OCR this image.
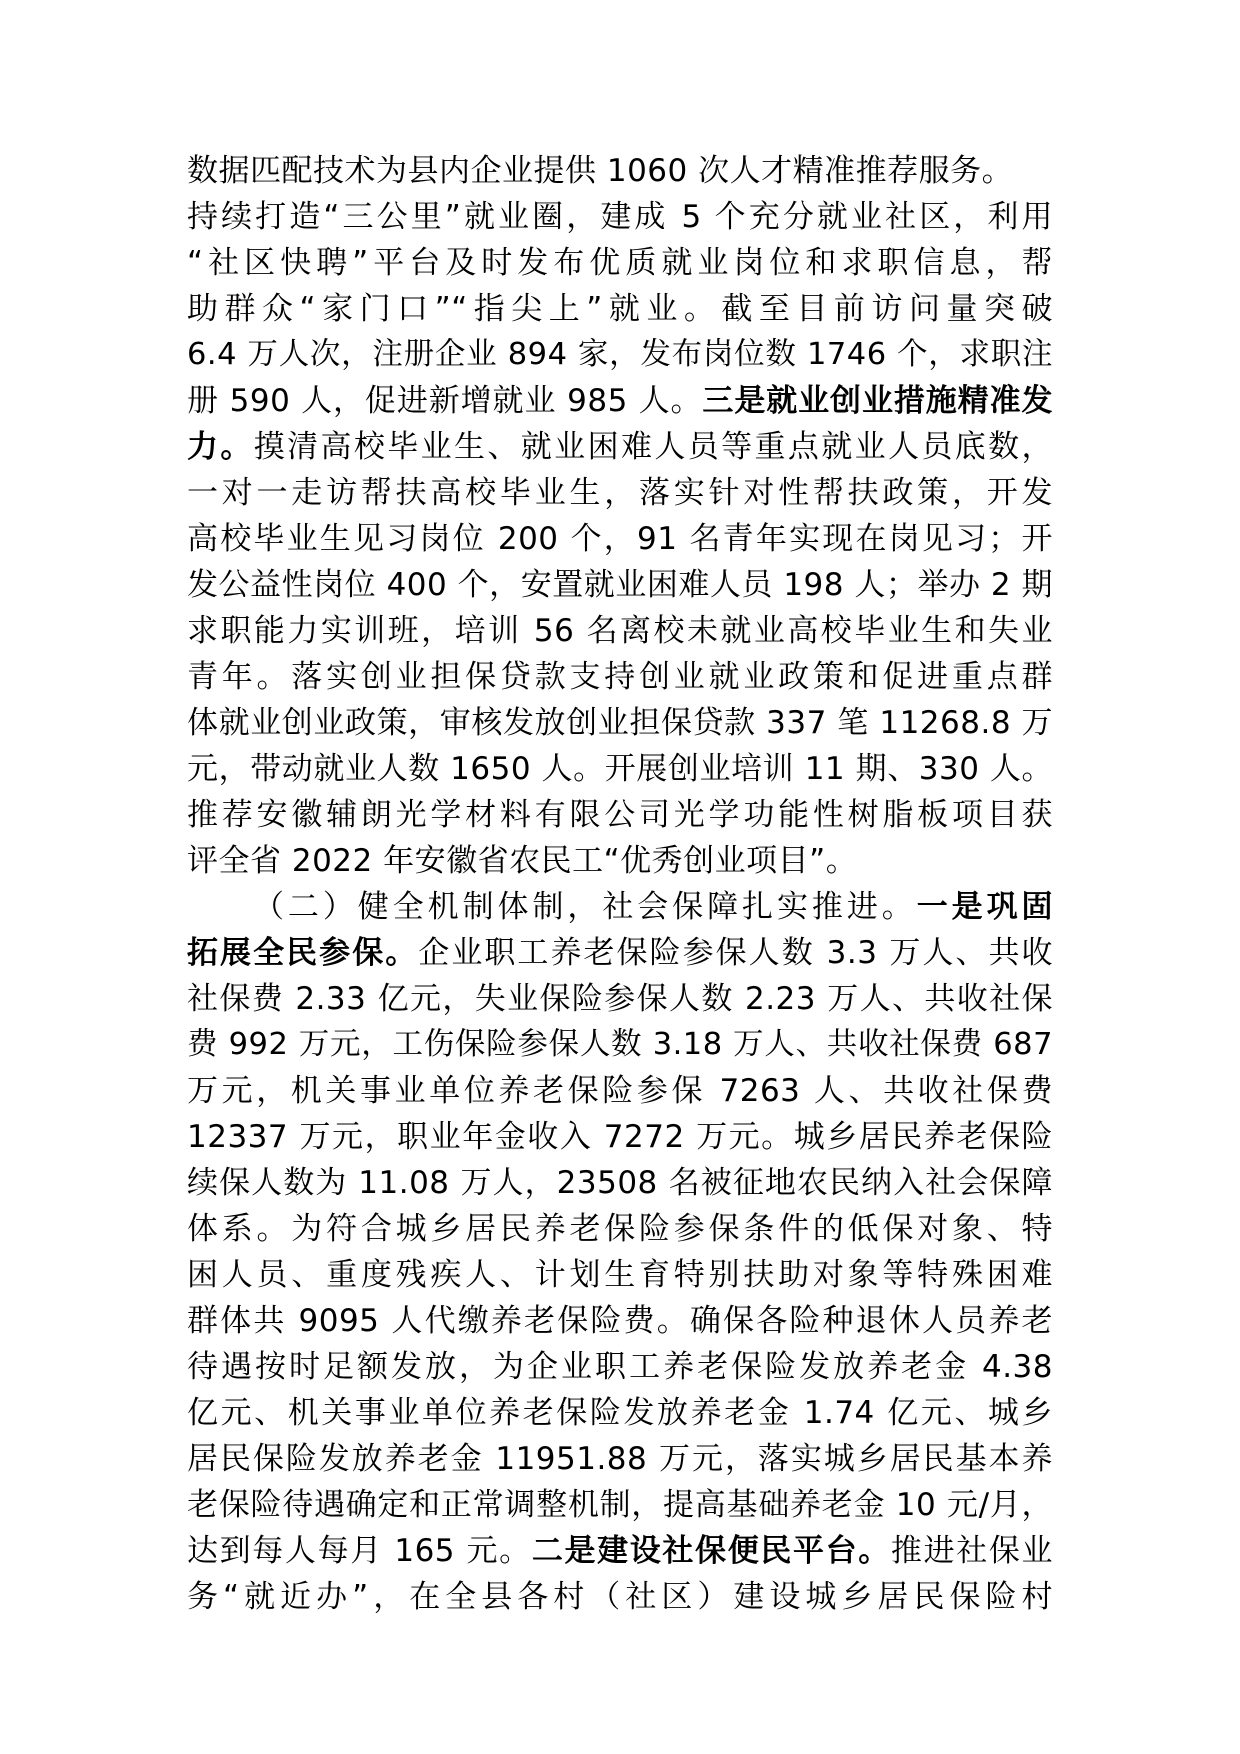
数据匹配技术为县内企业提供 1060 次人才精准推荐服务。
持续打造“三公里”就业圈，建成 5 个充分就业社区，利用
“社区快聘”平台及时发布优质就业岗位和求职信息，帮
助群众“家门口”“指尖上”就业。截至目前访问量突破
6.4 万人次，注册企业 894 家，发布岗位数 1746 个，求职注
册 590 人，促进新增就业 985 人。三是就业创业措施精准发
力。摸清高校毕业生、就业困难人员等重点就业人员底数，
一对一走访帮扶高校毕业生，落实针对性帮扶政策，开发
高校毕业生见习岗位 200 个，91 名青年实现在岗见习；开
发公益性岗位 400 个，安置就业困难人员 198 人；举办 2 期
求职能力实训班，培训 56 名离校未就业高校毕业生和失业
青年。落实创业担保贷款支持创业就业政策和促进重点群
体就业创业政策，审核发放创业担保贷款 337 笔 11268.8 万
元，带动就业人数 1650 人。开展创业培训 11 期、330 人。
推荐安徽辅朗光学材料有限公司光学功能性树脂板项目获
评全省 2022 年安徽省农民工“优秀创业项目”。
（二）健全机制体制，社会保障扎实推进。一是巩固
拓展全民参保。企业职工养老保险参保人数 3.3 万人、共收
社保费 2.33 亿元，失业保险参保人数 2.23 万人、共收社保
费 992 万元，工伤保险参保人数 3.18 万人、共收社保费 687
万元，机关事业单位养老保险参保 7263 人、共收社保费
12337 万元，职业年金收入 7272 万元。城乡居民养老保险
续保人数为 11.08 万人，23508 名被征地农民纳入社会保障
体系。为符合城乡居民养老保险参保条件的低保对象、特
困人员、重度残疾人、计划生育特别扶助对象等特殊困难
群体共 9095 人代缴养老保险费。确保各险种退休人员养老
待遇按时足额发放，为企业职工养老保险发放养老金 4.38
亿元、机关事业单位养老保险发放养老金 1.74 亿元、城乡
居民保险发放养老金 11951.88 万元，落实城乡居民基本养
老保险待遇确定和正常调整机制，提高基础养老金 10 元/月，
达到每人每月 165 元。二是建设社保便民平台。推进社保业
务“就近办”，在全县各村（社区）建设城乡居民保险村
